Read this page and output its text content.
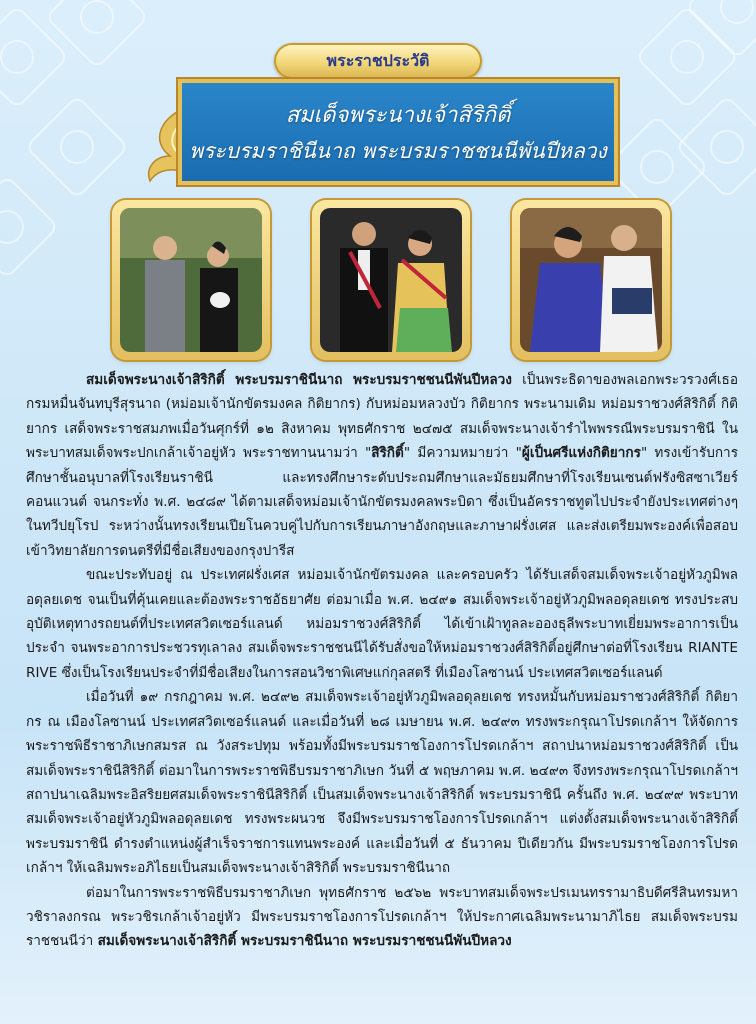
พระราชประวัติ
สมเด็จพระนางเจ้าสิริกิติ์
พระบรมราชินีนาถ พระบรมราชชนนีพันปีหลวง

สมเด็จพระนางเจ้าสิริกิติ์ พระบรมราชินีนาถ พระบรมราชชนนีพันปีหลวง เป็นพระธิดาของพลเอกพระวรวงศ์เธอ กรมหมื่นจันทบุรีสุรนาถ (หม่อมเจ้านักขัตรมงคล กิติยากร) กับหม่อมหลวงบัว กิติยากร พระนามเดิม หม่อมราชวงศ์สิริกิติ์ กิติยากร เสด็จพระราชสมภพเมื่อวันศุกร์ที่ ๑๒ สิงหาคม พุทธศักราช ๒๔๗๕ สมเด็จพระนางเจ้ารำไพพรรณีพระบรมราชินี ในพระบาทสมเด็จพระปกเกล้าเจ้าอยู่หัว พระราชทานนามว่า "สิริกิติ์" มีความหมายว่า "ผู้เป็นศรีแห่งกิติยากร" ทรงเข้ารับการศึกษาชั้นอนุบาลที่โรงเรียนราชินี และทรงศึกษาระดับประถมศึกษาและมัธยมศึกษาที่โรงเรียนเซนต์ฟรังซิสซาเวียร์ คอนแวนต์ จนกระทั่ง พ.ศ. ๒๔๘๙ ได้ตามเสด็จหม่อมเจ้านักขัตรมงคลพระบิดา ซึ่งเป็นอัครราชทูตไปประจำยังประเทศต่างๆในทวีปยุโรป ระหว่างนั้นทรงเรียนเปียโนควบคู่ไปกับการเรียนภาษาอังกฤษและภาษาฝรั่งเศส และส่งเตรียมพระองค์เพื่อสอบเข้าวิทยาลัยการดนตรีที่มีชื่อเสียงของกรุงปารีส

ขณะประทับอยู่ ณ ประเทศฝรั่งเศส หม่อมเจ้านักขัตรมงคล และครอบครัว ได้รับเสด็จสมเด็จพระเจ้าอยู่หัวภูมิพลอดุลยเดช จนเป็นที่คุ้นเคยและต้องพระราชอัธยาศัย ต่อมาเมื่อ พ.ศ. ๒๔๙๑ สมเด็จพระเจ้าอยู่หัวภูมิพลอดุลยเดช ทรงประสบอุบัติเหตุทางรถยนต์ที่ประเทศสวิตเซอร์แลนด์ หม่อมราชวงศ์สิริกิติ์ ได้เข้าเฝ้าทูลละอองธุลีพระบาทเยี่ยมพระอาการเป็นประจำ จนพระอาการประชวรทุเลาลง สมเด็จพระราชชนนีได้รับสั่งขอให้หม่อมราชวงศ์สิริกิติ์อยู่ศึกษาต่อที่โรงเรียน RIANTE RIVE ซึ่งเป็นโรงเรียนประจำที่มีชื่อเสียงในการสอนวิชาพิเศษแก่กุลสตรี ที่เมืองโลซานน์ ประเทศสวิตเซอร์แลนด์

เมื่อวันที่ ๑๙ กรกฎาคม พ.ศ. ๒๔๙๒ สมเด็จพระเจ้าอยู่หัวภูมิพลอดุลยเดช ทรงหมั้นกับหม่อมราชวงศ์สิริกิติ์ กิติยากร ณ เมืองโลซานน์ ประเทศสวิตเซอร์แลนด์ และเมื่อวันที่ ๒๘ เมษายน พ.ศ. ๒๔๙๓ ทรงพระกรุณาโปรดเกล้าฯ ให้จัดการพระราชพิธีราชาภิเษกสมรส ณ วังสระปทุม พร้อมทั้งมีพระบรมราชโองการโปรดเกล้าฯ สถาปนาหม่อมราชวงศ์สิริกิติ์ เป็นสมเด็จพระราชินีสิริกิติ์ ต่อมาในการพระราชพิธีบรมราชาภิเษก วันที่ ๕ พฤษภาคม พ.ศ. ๒๔๙๓ จึงทรงพระกรุณาโปรดเกล้าฯ สถาปนาเฉลิมพระอิสริยยศสมเด็จพระราชินีสิริกิติ์ เป็นสมเด็จพระนางเจ้าสิริกิติ์ พระบรมราชินี ครั้นถึง พ.ศ. ๒๔๙๙ พระบาทสมเด็จพระเจ้าอยู่หัวภูมิพลอดุลยเดช ทรงพระผนวช จึงมีพระบรมราชโองการโปรดเกล้าฯ แต่งตั้งสมเด็จพระนางเจ้าสิริกิติ์ พระบรมราชินี ดำรงตำแหน่งผู้สำเร็จราชการแทนพระองค์ และเมื่อวันที่ ๕ ธันวาคม ปีเดียวกัน มีพระบรมราชโองการโปรดเกล้าฯ ให้เฉลิมพระอภิไธยเป็นสมเด็จพระนางเจ้าสิริกิติ์ พระบรมราชินีนาถ

ต่อมาในการพระราชพิธีบรมราชาภิเษก พุทธศักราช ๒๕๖๒ พระบาทสมเด็จพระปรเมนทรรามาธิบดีศรีสินทรมหาวชิราลงกรณ พระวชิรเกล้าเจ้าอยู่หัว มีพระบรมราชโองการโปรดเกล้าฯ ให้ประกาศเฉลิมพระนามาภิไธย สมเด็จพระบรมราชชนนีว่า สมเด็จพระนางเจ้าสิริกิติ์ พระบรมราชินีนาถ พระบรมราชชนนีพันปีหลวง
